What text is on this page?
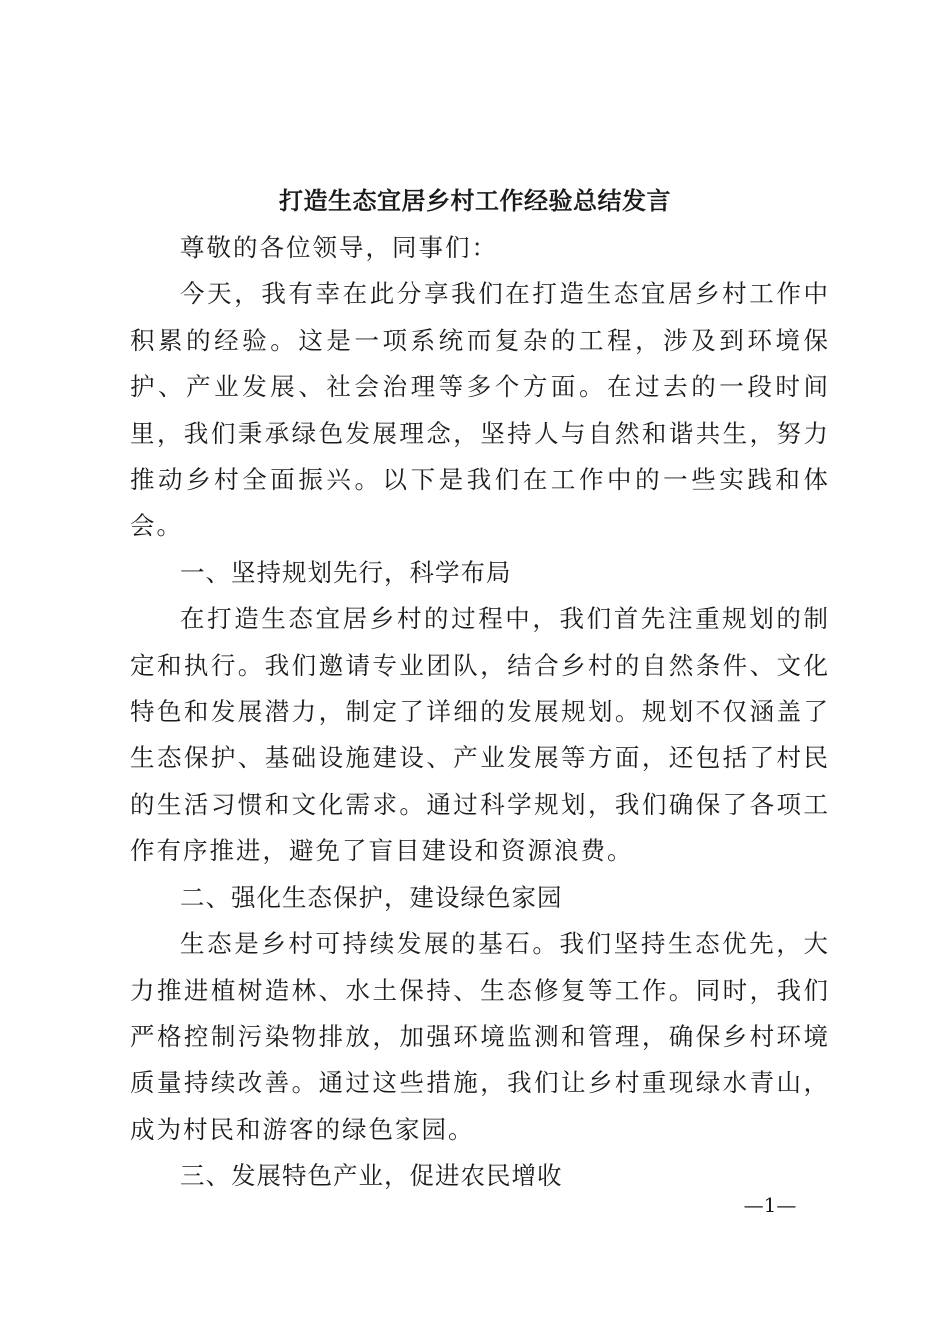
打造生态宜居乡村工作经验总结发言

尊敬的各位领导，同事们：

今天，我有幸在此分享我们在打造生态宜居乡村工作中积累的经验。这是一项系统而复杂的工程，涉及到环境保护、产业发展、社会治理等多个方面。在过去的一段时间里，我们秉承绿色发展理念，坚持人与自然和谐共生，努力推动乡村全面振兴。以下是我们在工作中的一些实践和体会。

一、坚持规划先行，科学布局

在打造生态宜居乡村的过程中，我们首先注重规划的制定和执行。我们邀请专业团队，结合乡村的自然条件、文化特色和发展潜力，制定了详细的发展规划。规划不仅涵盖了生态保护、基础设施建设、产业发展等方面，还包括了村民的生活习惯和文化需求。通过科学规划，我们确保了各项工作有序推进，避免了盲目建设和资源浪费。

二、强化生态保护，建设绿色家园

生态是乡村可持续发展的基石。我们坚持生态优先，大力推进植树造林、水土保持、生态修复等工作。同时，我们严格控制污染物排放，加强环境监测和管理，确保乡村环境质量持续改善。通过这些措施，我们让乡村重现绿水青山，成为村民和游客的绿色家园。

三、发展特色产业，促进农民增收

—1—
